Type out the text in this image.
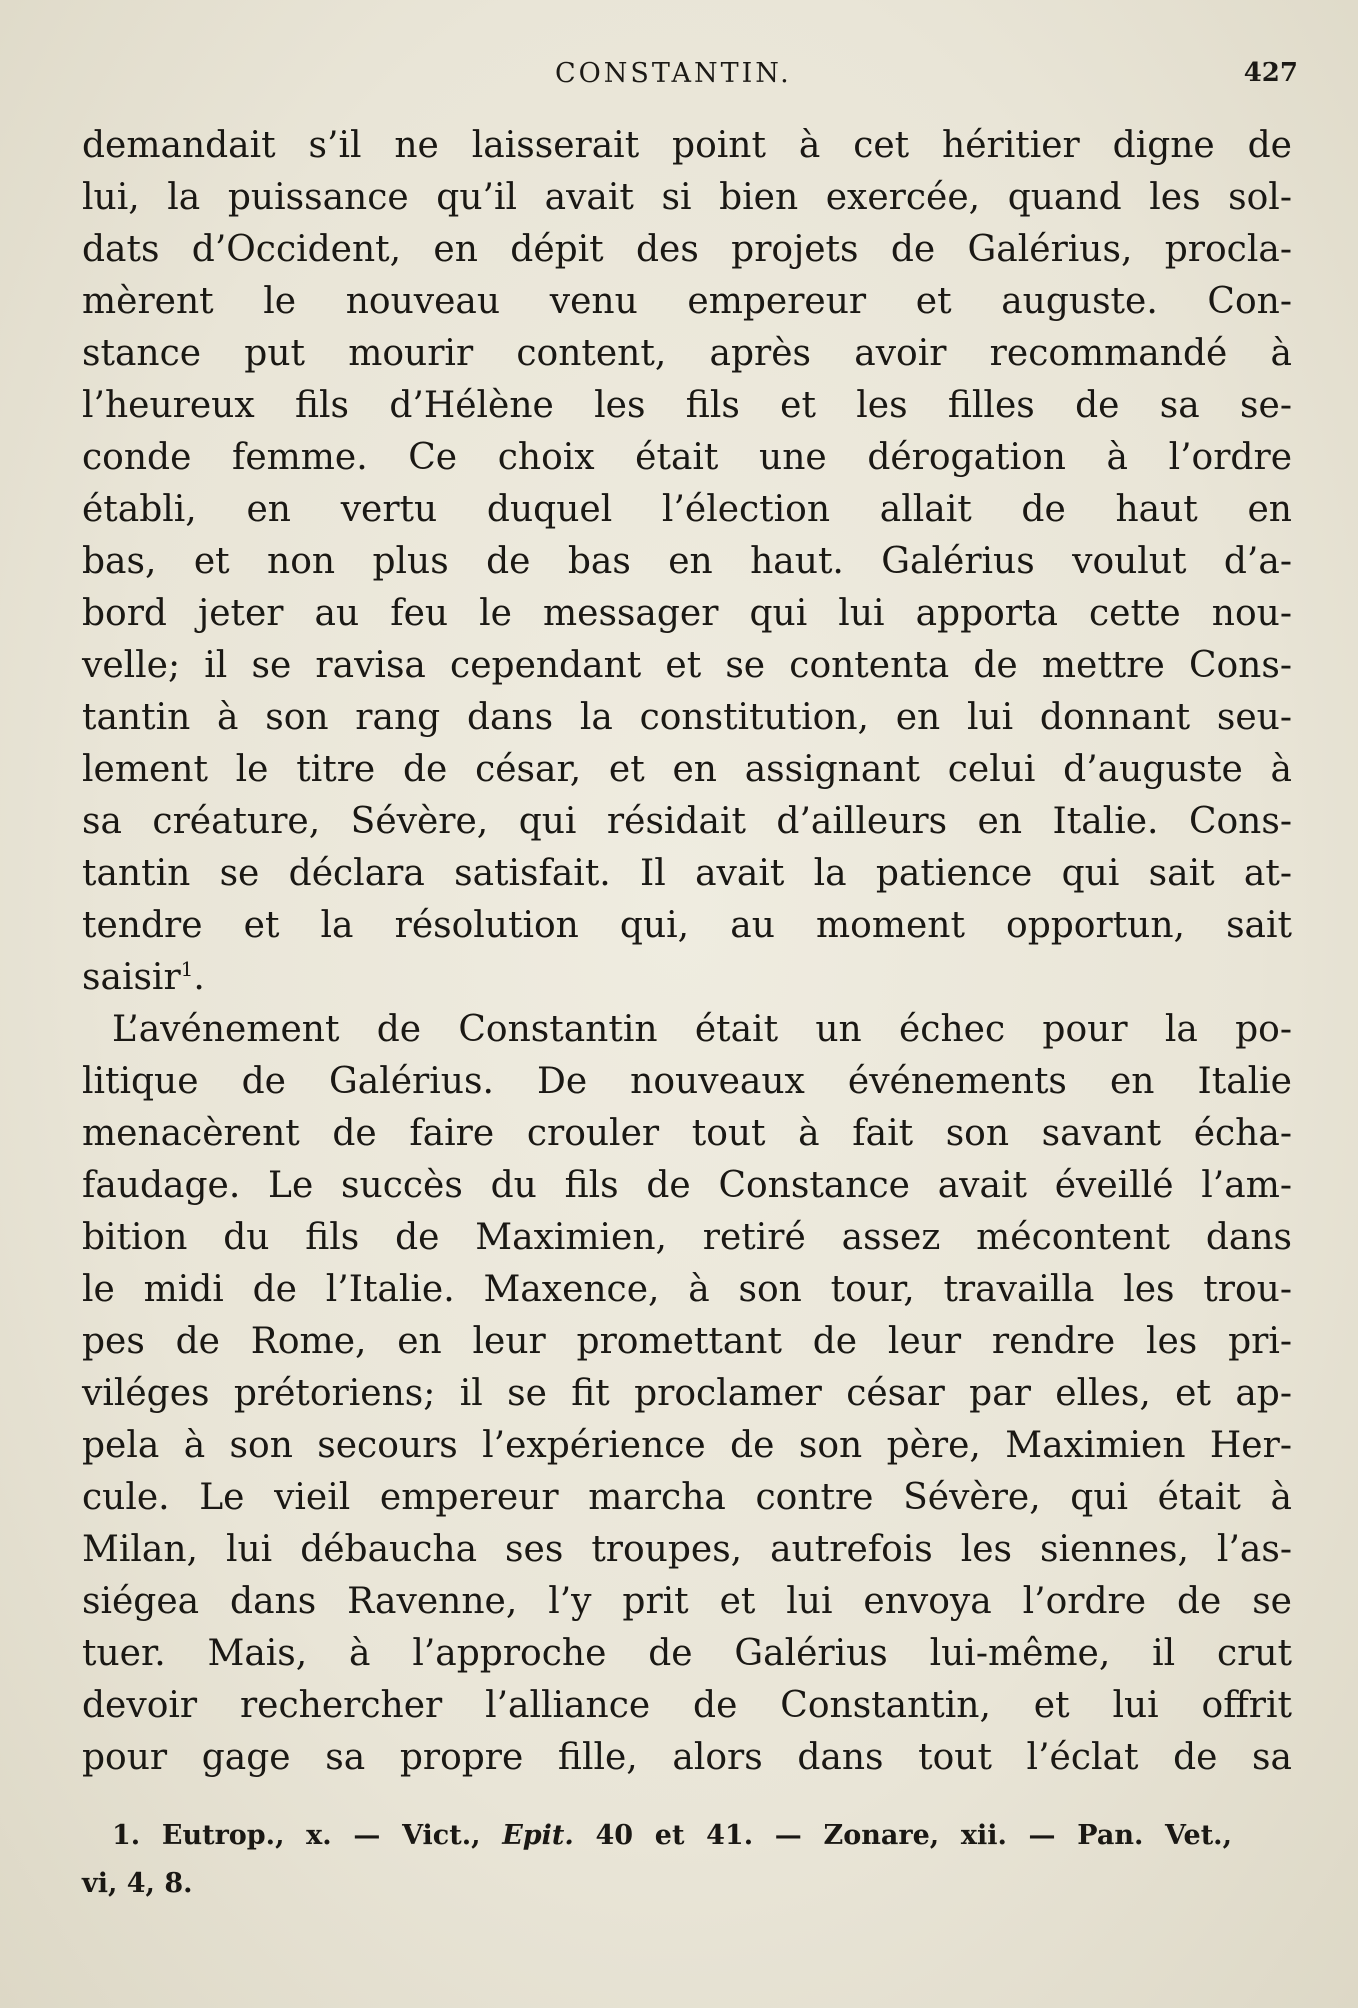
CONSTANTIN.	427
demandait s’il ne laisserait point à cet héritier digne de
lui, la puissance qu’il avait si bien exercée, quand les sol-
dats d’Occident, en dépit des projets de Galérius, procla-
mèrent le nouveau venu empereur et auguste. Con-
stance put mourir content, après avoir recommandé à
l’heureux fils d’Hélène les fils et les filles de sa se-
conde femme. Ce choix était une dérogation à l’ordre
établi, en vertu duquel l’élection allait de haut en
bas, et non plus de bas en haut. Galérius voulut d’a-
bord jeter au feu le messager qui lui apporta cette nou-
velle; il se ravisa cependant et se contenta de mettre Cons-
tantin à son rang dans la constitution, en lui donnant seu-
lement le titre de césar, et en assignant celui d’auguste à
sa créature, Sévère, qui résidait d’ailleurs en Italie. Cons-
tantin se déclara satisfait. Il avait la patience qui sait at-
tendre et la résolution qui, au moment opportun, sait
saisir$^1$.
L’avénement de Constantin était un échec pour la po-
litique de Galérius. De nouveaux événements en Italie
menacèrent de faire crouler tout à fait son savant écha-
faudage. Le succès du fils de Constance avait éveillé l’am-
bition du fils de Maximien, retiré assez mécontent dans
le midi de l’Italie. Maxence, à son tour, travailla les trou-
pes de Rome, en leur promettant de leur rendre les pri-
viléges prétoriens; il se fit proclamer césar par elles, et ap-
pela à son secours l’expérience de son père, Maximien Her-
cule. Le vieil empereur marcha contre Sévère, qui était à
Milan, lui débaucha ses troupes, autrefois les siennes, l’as-
siégea dans Ravenne, l’y prit et lui envoya l’ordre de se
tuer. Mais, à l’approche de Galérius lui-même, il crut
devoir rechercher l’alliance de Constantin, et lui offrit
pour gage sa propre fille, alors dans tout l’éclat de sa
1. Eutrop., x. — Vict., Epit. 40 et 41. — Zonare, xii. — Pan. Vet.,
vi, 4, 8.
